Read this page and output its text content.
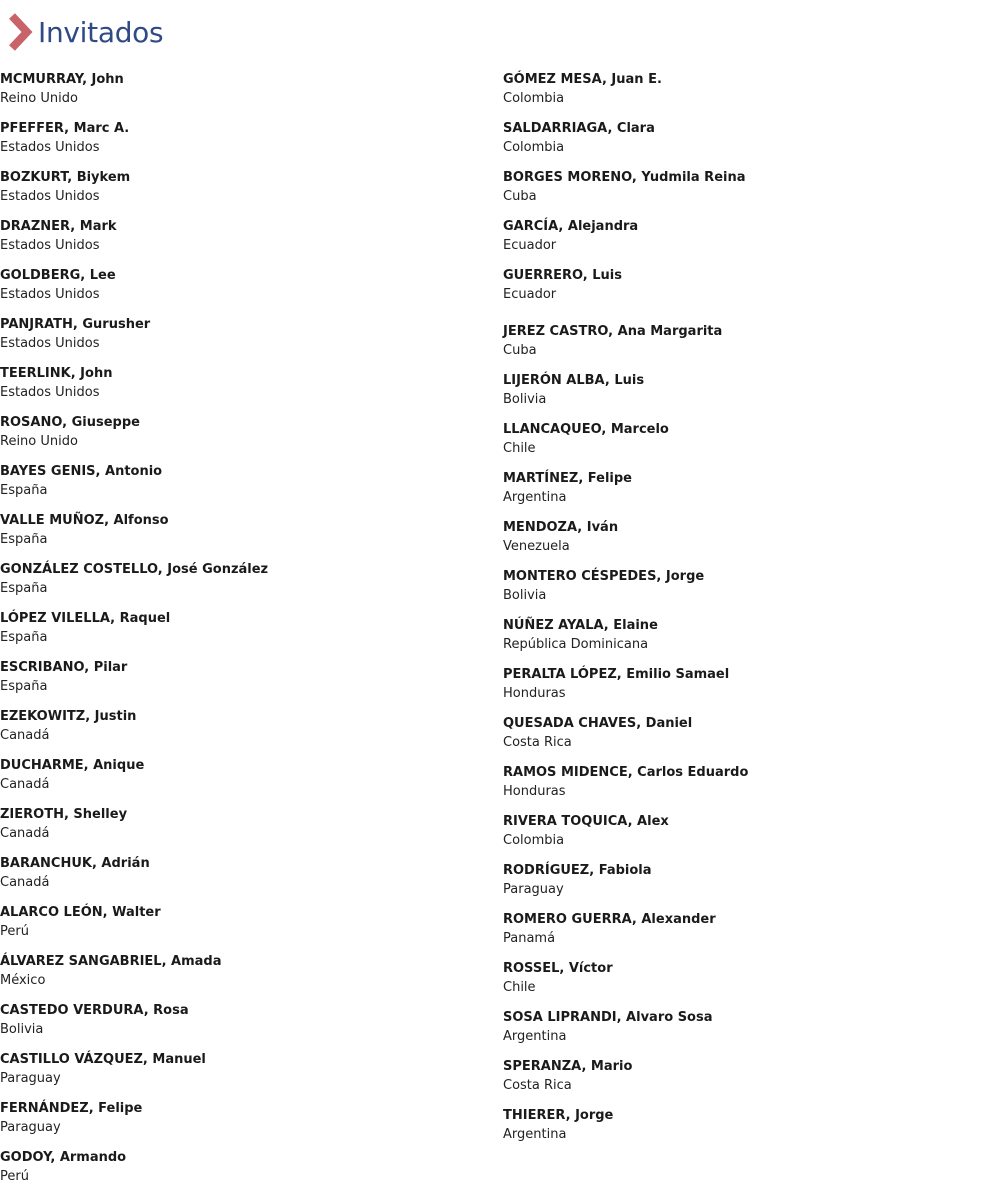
Invitados
MCMURRAY, John
Reino Unido
PFEFFER, Marc A.
Estados Unidos
BOZKURT, Biykem
Estados Unidos
DRAZNER, Mark
Estados Unidos
GOLDBERG, Lee
Estados Unidos
PANJRATH, Gurusher
Estados Unidos
TEERLINK, John
Estados Unidos
ROSANO, Giuseppe
Reino Unido
BAYES GENIS, Antonio
España
VALLE MUÑOZ, Alfonso
España
GONZÁLEZ COSTELLO, José González
España
LÓPEZ VILELLA, Raquel
España
ESCRIBANO, Pilar
España
EZEKOWITZ, Justin
Canadá
DUCHARME, Anique
Canadá
ZIEROTH, Shelley
Canadá
BARANCHUK, Adrián
Canadá
ALARCO LEÓN, Walter
Perú
ÁLVAREZ SANGABRIEL, Amada
México
CASTEDO VERDURA, Rosa
Bolivia
CASTILLO VÁZQUEZ, Manuel
Paraguay
FERNÁNDEZ, Felipe
Paraguay
GODOY, Armando
Perú
GÓMEZ MESA, Juan E.
Colombia
SALDARRIAGA, Clara
Colombia
BORGES MORENO, Yudmila Reina
Cuba
GARCÍA, Alejandra
Ecuador
GUERRERO, Luis
Ecuador
JEREZ CASTRO, Ana Margarita
Cuba
LIJERÓN ALBA, Luis
Bolivia
LLANCAQUEO, Marcelo
Chile
MARTÍNEZ, Felipe
Argentina
MENDOZA, Iván
Venezuela
MONTERO CÉSPEDES, Jorge
Bolivia
NÚÑEZ AYALA, Elaine
República Dominicana
PERALTA LÓPEZ, Emilio Samael
Honduras
QUESADA CHAVES, Daniel
Costa Rica
RAMOS MIDENCE, Carlos Eduardo
Honduras
RIVERA TOQUICA, Alex
Colombia
RODRÍGUEZ, Fabiola
Paraguay
ROMERO GUERRA, Alexander
Panamá
ROSSEL, Víctor
Chile
SOSA LIPRANDI, Alvaro Sosa
Argentina
SPERANZA, Mario
Costa Rica
THIERER, Jorge
Argentina
